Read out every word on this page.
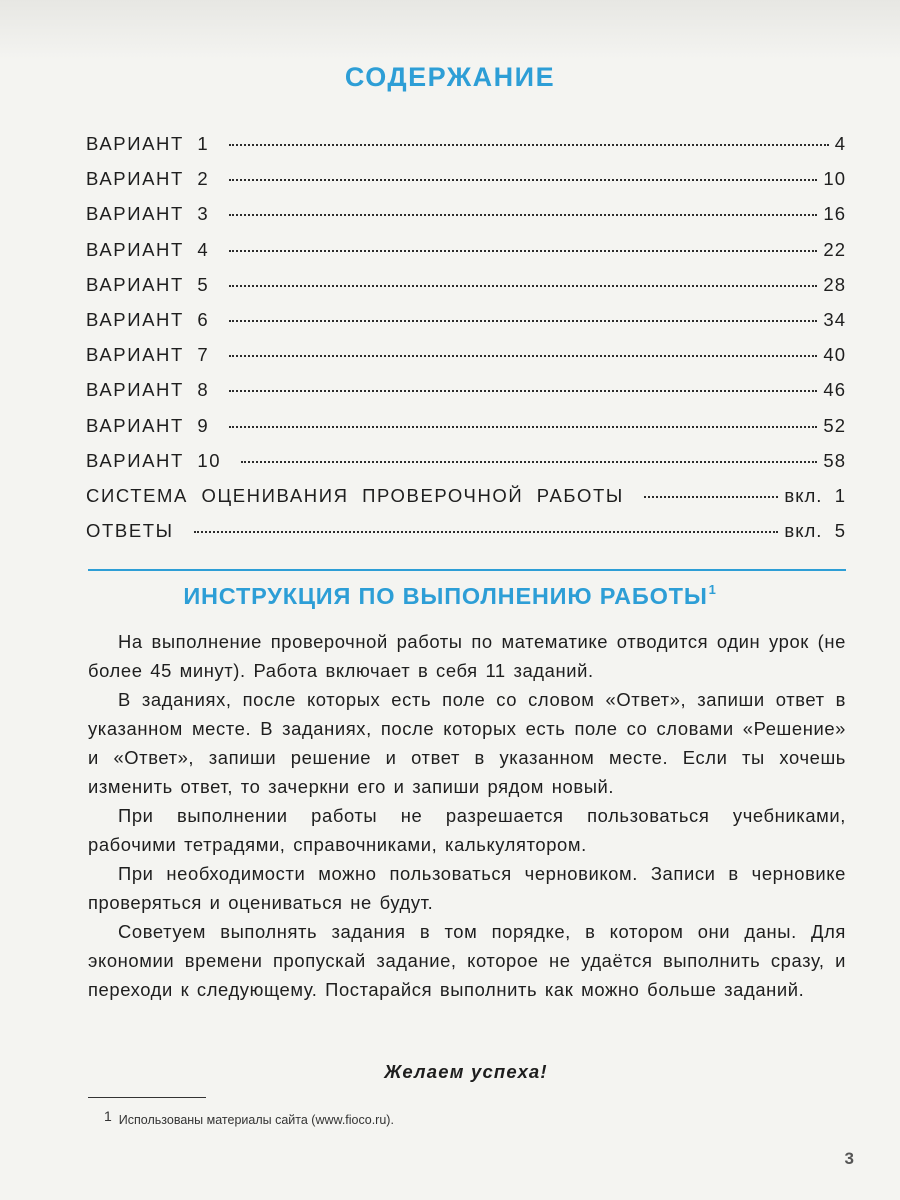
СОДЕРЖАНИЕ
ВАРИАНТ  1	4
ВАРИАНТ  2	10
ВАРИАНТ  3	16
ВАРИАНТ  4	22
ВАРИАНТ  5	28
ВАРИАНТ  6	34
ВАРИАНТ  7	40
ВАРИАНТ  8	46
ВАРИАНТ  9	52
ВАРИАНТ  10	58
СИСТЕМА  ОЦЕНИВАНИЯ  ПРОВЕРОЧНОЙ  РАБОТЫ	вкл.  1
ОТВЕТЫ	вкл.  5
ИНСТРУКЦИЯ ПО ВЫПОЛНЕНИЮ РАБОТЫ$^1$

На выполнение проверочной работы по математике отводится один урок (не более 45 минут). Работа включает в себя 11 заданий.

В заданиях, после которых есть поле со словом «Ответ», запиши ответ в указанном месте. В заданиях, после которых есть поле со словами «Решение» и «Ответ», запиши решение и ответ в указанном месте. Если ты хочешь изменить ответ, то зачеркни его и запиши рядом новый.

При выполнении работы не разрешается пользоваться учебниками, рабочими тетрадями, справочниками, калькулятором.

При необходимости можно пользоваться черновиком. Записи в черновике проверяться и оцениваться не будут.

Советуем выполнять задания в том порядке, в котором они даны. Для экономии времени пропускай задание, которое не удаётся выполнить сразу, и переходи к следующему. Постарайся выполнить как можно больше заданий.

Желаем успеха!
1 Использованы материалы сайта (www.fioco.ru).
3
